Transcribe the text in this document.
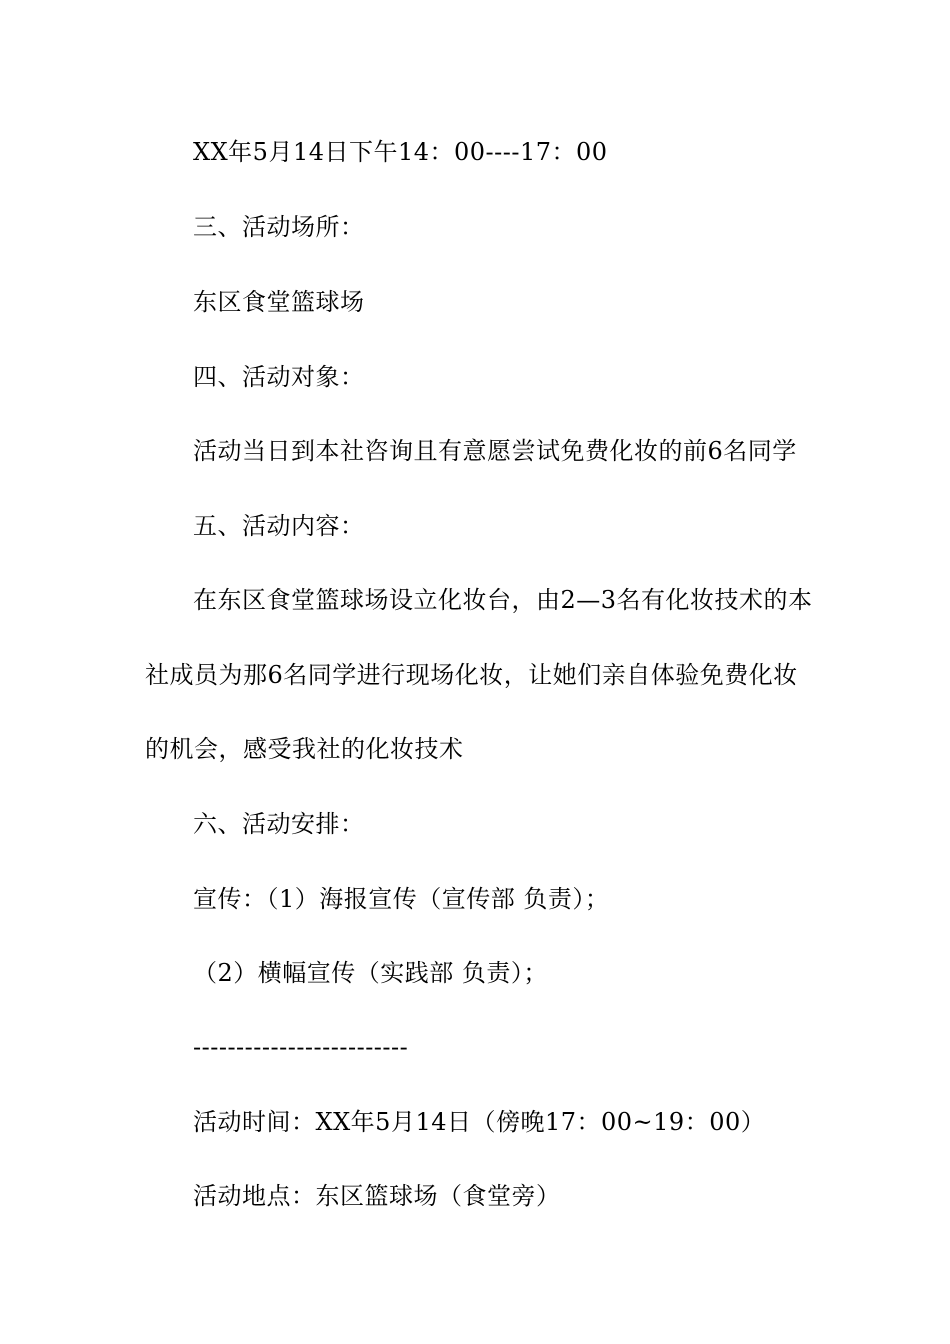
XX年5月14日下午14：00----17：00
三、活动场所：
东区食堂篮球场
四、活动对象：
活动当日到本社咨询且有意愿尝试免费化妆的前6名同学
五、活动内容：
在东区食堂篮球场设立化妆台，由2—3名有化妆技术的本
社成员为那6名同学进行现场化妆，让她们亲自体验免费化妆
的机会，感受我社的化妆技术
六、活动安排：
宣传：（1）海报宣传（宣传部 负责）；
（2）横幅宣传（实践部 负责）；
-------------------------
活动时间：XX年5月14日（傍晚17：00~19：00）
活动地点：东区篮球场（食堂旁）
